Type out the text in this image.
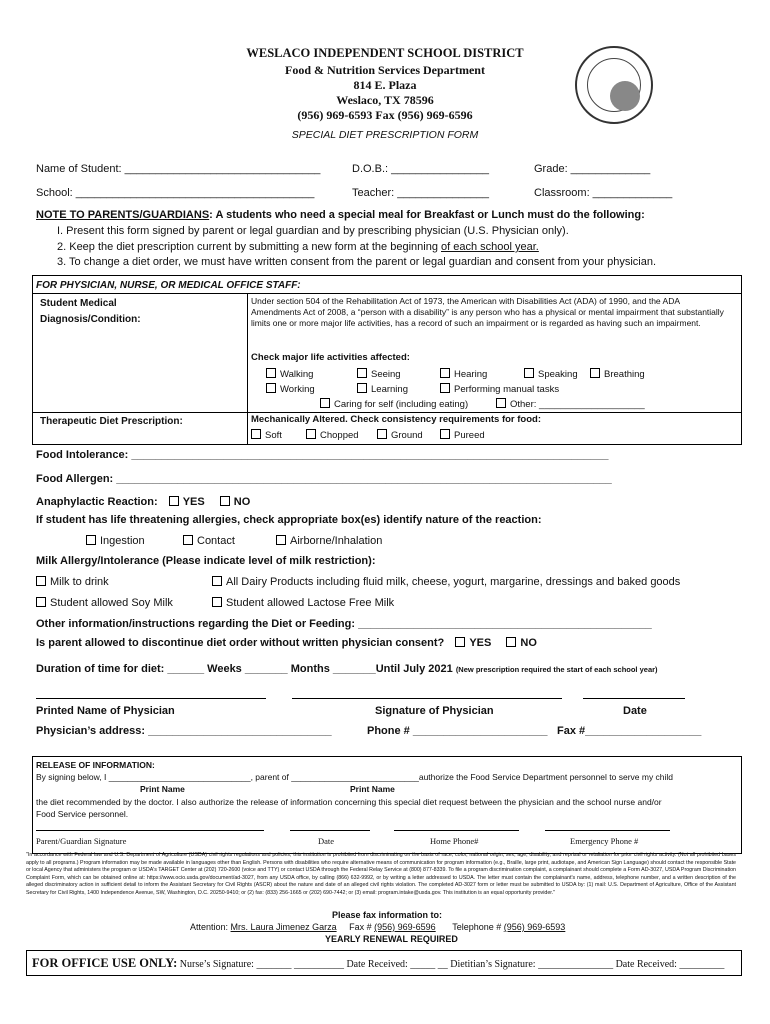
WESLACO INDEPENDENT SCHOOL DISTRICT
Food & Nutrition Services Department
814 E. Plaza
Weslaco, TX 78596
(956) 969-6593 Fax (956) 969-6596
SPECIAL DIET PRESCRIPTION FORM
Name of Student: ________________________________	D.O.B.: ________________	Grade: _____________
School: _______________________________________	Teacher: _______________	Classroom: _____________
NOTE TO PARENTS/GUARDIANS: A students who need a special meal for Breakfast or Lunch must do the following:
I. Present this form signed by parent or legal guardian and by prescribing physician (U.S. Physician only).
2. Keep the diet prescription current by submitting a new form at the beginning of each school year.
3. To change a diet order, we must have written consent from the parent or legal guardian and consent from your physician.
FOR PHYSICIAN, NURSE, OR MEDICAL OFFICE STAFF:
Student Medical Diagnosis/Condition:
Under section 504 of the Rehabilitation Act of 1973, the American with Disabilities Act (ADA) of 1990, and the ADA Amendments Act of 2008, a “person with a disability” is any person who has a physical or mental impairment that substantially limits one or more major life activities, has a record of such an impairment or is regarded as having such an impairment.
Check major life activities affected:
Walking	Seeing	Hearing	Speaking	Breathing
Working	Learning	Performing manual tasks
Caring for self (including eating)	Other: ____________________
Therapeutic Diet Prescription:	Mechanically Altered. Check consistency requirements for food:
Soft	Chopped	Ground	Pureed
Food Intolerance: ______________________________________________________________________________
Food Allergen: _________________________________________________________________________________
Anaphylactic Reaction: YES	NO
If student has life threatening allergies, check appropriate box(es) identify nature of the reaction:
Ingestion	Contact	Airborne/Inhalation
Milk Allergy/Intolerance (Please indicate level of milk restriction):
Milk to drink	All Dairy Products including fluid milk, cheese, yogurt, margarine, dressings and baked goods
Student allowed Soy Milk	Student allowed Lactose Free Milk
Other information/instructions regarding the Diet or Feeding: ________________________________________________
Is parent allowed to discontinue diet order without written physician consent? YES	NO
Duration of time for diet: ______ Weeks _______ Months _______Until July 2021 (New prescription required the start of each school year)
Printed Name of Physician	Signature of Physician	Date
Physician’s address: ______________________________	Phone # ______________________ Fax #___________________
RELEASE OF INFORMATION:
By signing below, I ______________________________, parent of ___________________________authorize the Food Service Department personnel to serve my child
Print Name	Print Name
the diet recommended by the doctor. I also authorize the release of information concerning this special diet request between the physician and the school nurse and/or
Food Service personnel.
Parent/Guardian Signature	Date	Home Phone#	Emergency Phone #
"In accordance with Federal law and U.S. Department of Agriculture (USDA) civil rights regulations and policies, this institution is prohibited from discriminating on the basis of race, color, national origin, sex, age, disability, and reprisal or retaliation for prior civil rights activity. (Not all prohibited bases apply to all programs.) Program information may be made available in languages other than English. Persons with disabilities who require alternative means of communication for program information (e.g., Braille, large print, audiotape, and American Sign Language) should contact the responsible State or local Agency that administers the program or USDA's TARGET Center at (202) 720-2600 (voice and TTY) or contact USDA through the Federal Relay Service at (800) 877-8339. To file a program discrimination complaint, a complainant should complete a Form AD-3027, USDA Program Discrimination Complaint Form, which can be obtained online at: https://www.ocio.usda.gov/document/ad-3027, from any USDA office, by calling (866) 632-9992, or by writing a letter addressed to USDA. The letter must contain the complainant's name, address, telephone number, and a written description of the alleged discriminatory action in sufficient detail to inform the Assistant Secretary for Civil Rights (ASCR) about the nature and date of an alleged civil rights violation. The completed AD-3027 form or letter must be submitted to USDA by: (1) mail: U.S. Department of Agriculture, Office of the Assistant Secretary for Civil Rights, 1400 Independence Avenue, SW, Washington, D.C. 20250-9410; or (2) fax: (833) 256-1665 or (202) 690-7442; or (3) email: program.intake@usda.gov. This institution is an equal opportunity provider."
Please fax information to:
Attention: Mrs. Laura Jimenez Garza Fax # (956) 969-6596 Telephone # (956) 969-6593
YEARLY RENEWAL REQUIRED
FOR OFFICE USE ONLY: Nurse’s Signature: _______ __________ Date Received: _____ __ Dietitian’s Signature: _______________ Date Received: _________
